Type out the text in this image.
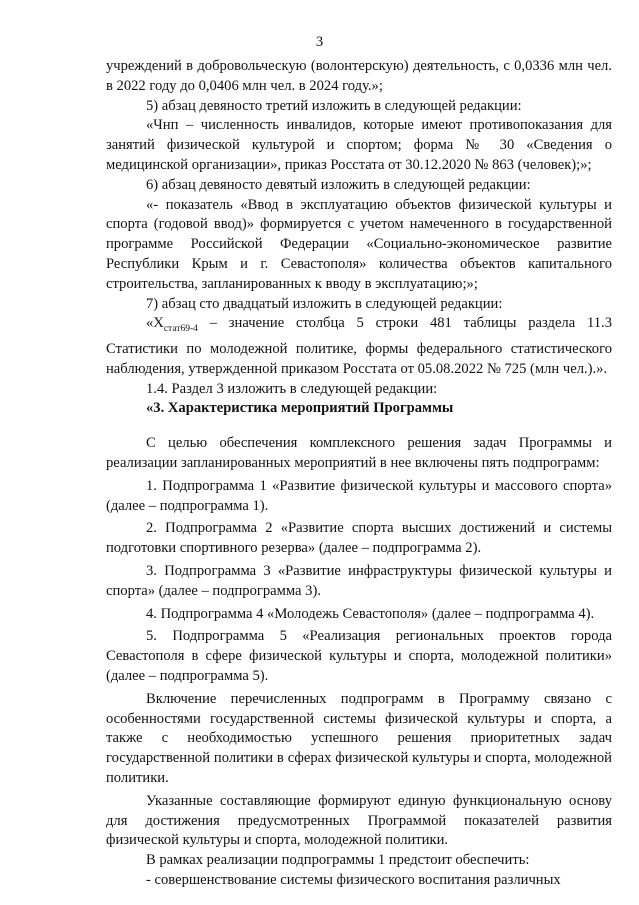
3

учреждений в добровольческую (волонтерскую) деятельность, с 0,0336 млн чел. в 2022 году до 0,0406 млн чел. в 2024 году.»;

5) абзац девяносто третий изложить в следующей редакции:

«Чнп – численность инвалидов, которые имеют противопоказания для занятий физической культурой и спортом; форма № 30 «Сведения о медицинской организации», приказ Росстата от 30.12.2020 № 863 (человек);»;

6) абзац девяносто девятый изложить в следующей редакции:

«- показатель «Ввод в эксплуатацию объектов физической культуры и спорта (годовой ввод)» формируется с учетом намеченного в государственной программе Российской Федерации «Социально-экономическое развитие Республики Крым и г. Севастополя» количества объектов капитального строительства, запланированных к вводу в эксплуатацию;»;

7) абзац сто двадцатый изложить в следующей редакции:

«$Х_{стат69-4}$ – значение столбца 5 строки 481 таблицы раздела 11.3 Статистики по молодежной политике, формы федерального статистического наблюдения, утвержденной приказом Росстата от 05.08.2022 № 725 (млн чел.).».

1.4. Раздел 3 изложить в следующей редакции:

«3. Характеристика мероприятий Программы

С целью обеспечения комплексного решения задач Программы и реализации запланированных мероприятий в нее включены пять подпрограмм:

1. Подпрограмма 1 «Развитие физической культуры и массового спорта» (далее – подпрограмма 1).

2. Подпрограмма 2 «Развитие спорта высших достижений и системы подготовки спортивного резерва» (далее – подпрограмма 2).

3. Подпрограмма 3 «Развитие инфраструктуры физической культуры и спорта» (далее – подпрограмма 3).

4. Подпрограмма 4 «Молодежь Севастополя» (далее – подпрограмма 4).

5. Подпрограмма 5 «Реализация региональных проектов города Севастополя в сфере физической культуры и спорта, молодежной политики» (далее – подпрограмма 5).

Включение перечисленных подпрограмм в Программу связано с особенностями государственной системы физической культуры и спорта, а также с необходимостью успешного решения приоритетных задач государственной политики в сферах физической культуры и спорта, молодежной политики.

Указанные составляющие формируют единую функциональную основу для достижения предусмотренных Программой показателей развития физической культуры и спорта, молодежной политики.

В рамках реализации подпрограммы 1 предстоит обеспечить:

- совершенствование системы физического воспитания различных
